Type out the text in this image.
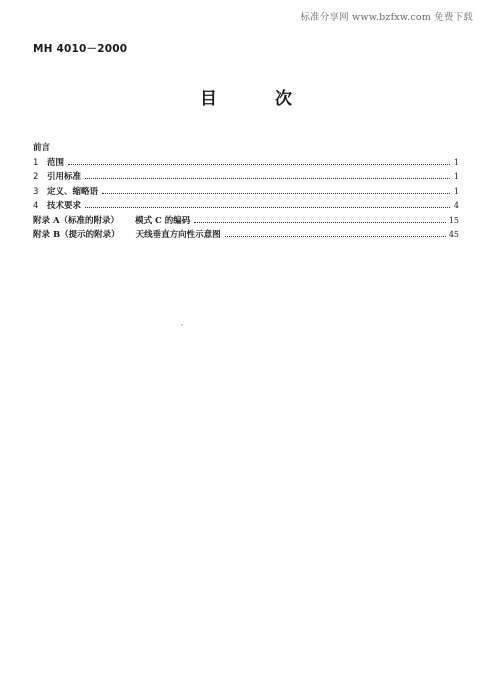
标准分享网 www.bzfxw.com 免费下载
MH 4010－2000
目 次
前言
1 范围	1
2 引用标准	1
3 定义、缩略语	1
4 技术要求	4
附录 A（标准的附录） 模式 C 的编码	15
附录 B（提示的附录） 天线垂直方向性示意图	45
